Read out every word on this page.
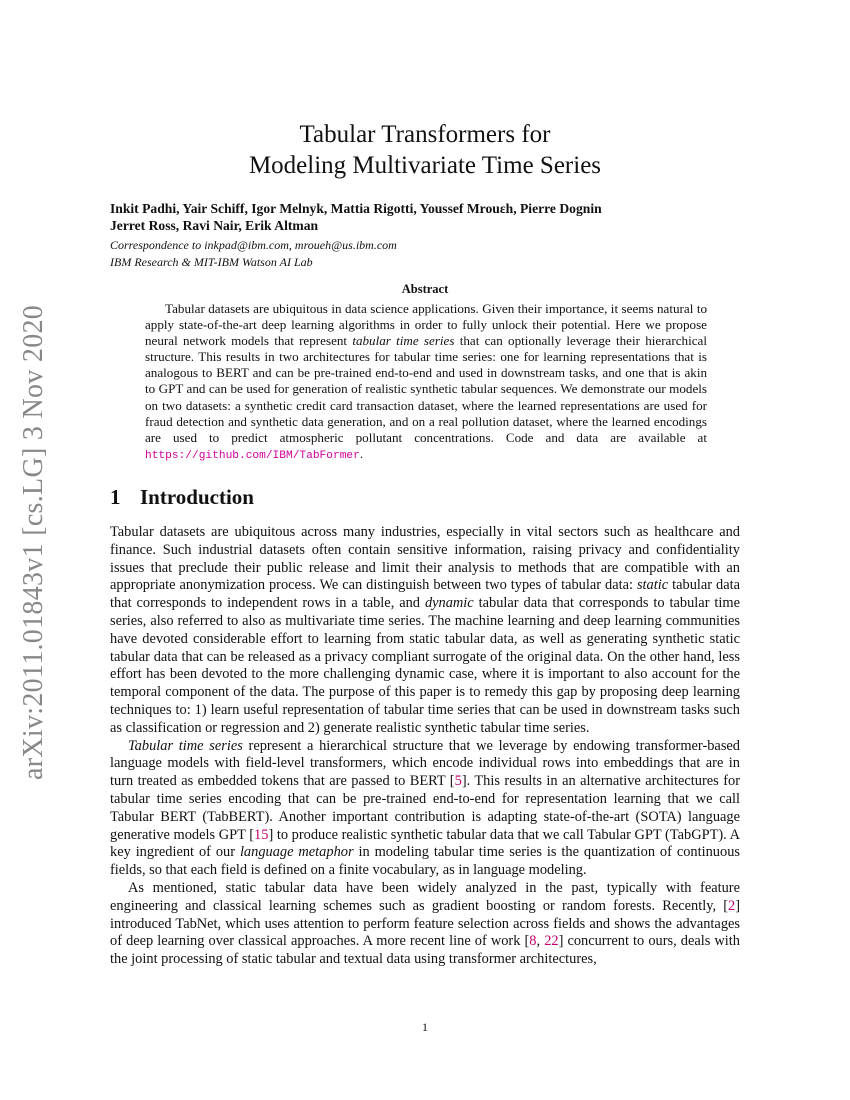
arXiv:2011.01843v1 [cs.LG] 3 Nov 2020
Tabular Transformers for
Modeling Multivariate Time Series
Inkit Padhi, Yair Schiff, Igor Melnyk, Mattia Rigotti, Youssef Mrouεh, Pierre Dognin
Jerret Ross, Ravi Nair, Erik Altman
Correspondence to inkpad@ibm.com, mroueh@us.ibm.com
IBM Research & MIT-IBM Watson AI Lab
Abstract
Tabular datasets are ubiquitous in data science applications. Given their importance, it seems natural to apply state-of-the-art deep learning algorithms in order to fully unlock their potential. Here we propose neural network models that represent tabular time series that can optionally leverage their hierarchical structure. This results in two architectures for tabular time series: one for learning representations that is analogous to BERT and can be pre-trained end-to-end and used in downstream tasks, and one that is akin to GPT and can be used for generation of realistic synthetic tabular sequences. We demonstrate our models on two datasets: a synthetic credit card transaction dataset, where the learned representations are used for fraud detection and synthetic data generation, and on a real pollution dataset, where the learned encodings are used to predict atmospheric pollutant concentrations. Code and data are available at https://github.com/IBM/TabFormer.
1 Introduction

Tabular datasets are ubiquitous across many industries, especially in vital sectors such as healthcare and finance. Such industrial datasets often contain sensitive information, raising privacy and confidentiality issues that preclude their public release and limit their analysis to methods that are compatible with an appropriate anonymization process. We can distinguish between two types of tabular data: static tabular data that corresponds to independent rows in a table, and dynamic tabular data that corresponds to tabular time series, also referred to also as multivariate time series. The machine learning and deep learning communities have devoted considerable effort to learning from static tabular data, as well as generating synthetic static tabular data that can be released as a privacy compliant surrogate of the original data. On the other hand, less effort has been devoted to the more challenging dynamic case, where it is important to also account for the temporal component of the data. The purpose of this paper is to remedy this gap by proposing deep learning techniques to: 1) learn useful representation of tabular time series that can be used in downstream tasks such as classification or regression and 2) generate realistic synthetic tabular time series.

Tabular time series represent a hierarchical structure that we leverage by endowing transformer-based language models with field-level transformers, which encode individual rows into embeddings that are in turn treated as embedded tokens that are passed to BERT [5]. This results in an alternative architectures for tabular time series encoding that can be pre-trained end-to-end for representation learning that we call Tabular BERT (TabBERT). Another important contribution is adapting state-of-the-art (SOTA) language generative models GPT [15] to produce realistic synthetic tabular data that we call Tabular GPT (TabGPT). A key ingredient of our language metaphor in modeling tabular time series is the quantization of continuous fields, so that each field is defined on a finite vocabulary, as in language modeling.

As mentioned, static tabular data have been widely analyzed in the past, typically with feature engineering and classical learning schemes such as gradient boosting or random forests. Recently, [2] introduced TabNet, which uses attention to perform feature selection across fields and shows the advantages of deep learning over classical approaches. A more recent line of work [8, 22] concurrent to ours, deals with the joint processing of static tabular and textual data using transformer architectures,

1
